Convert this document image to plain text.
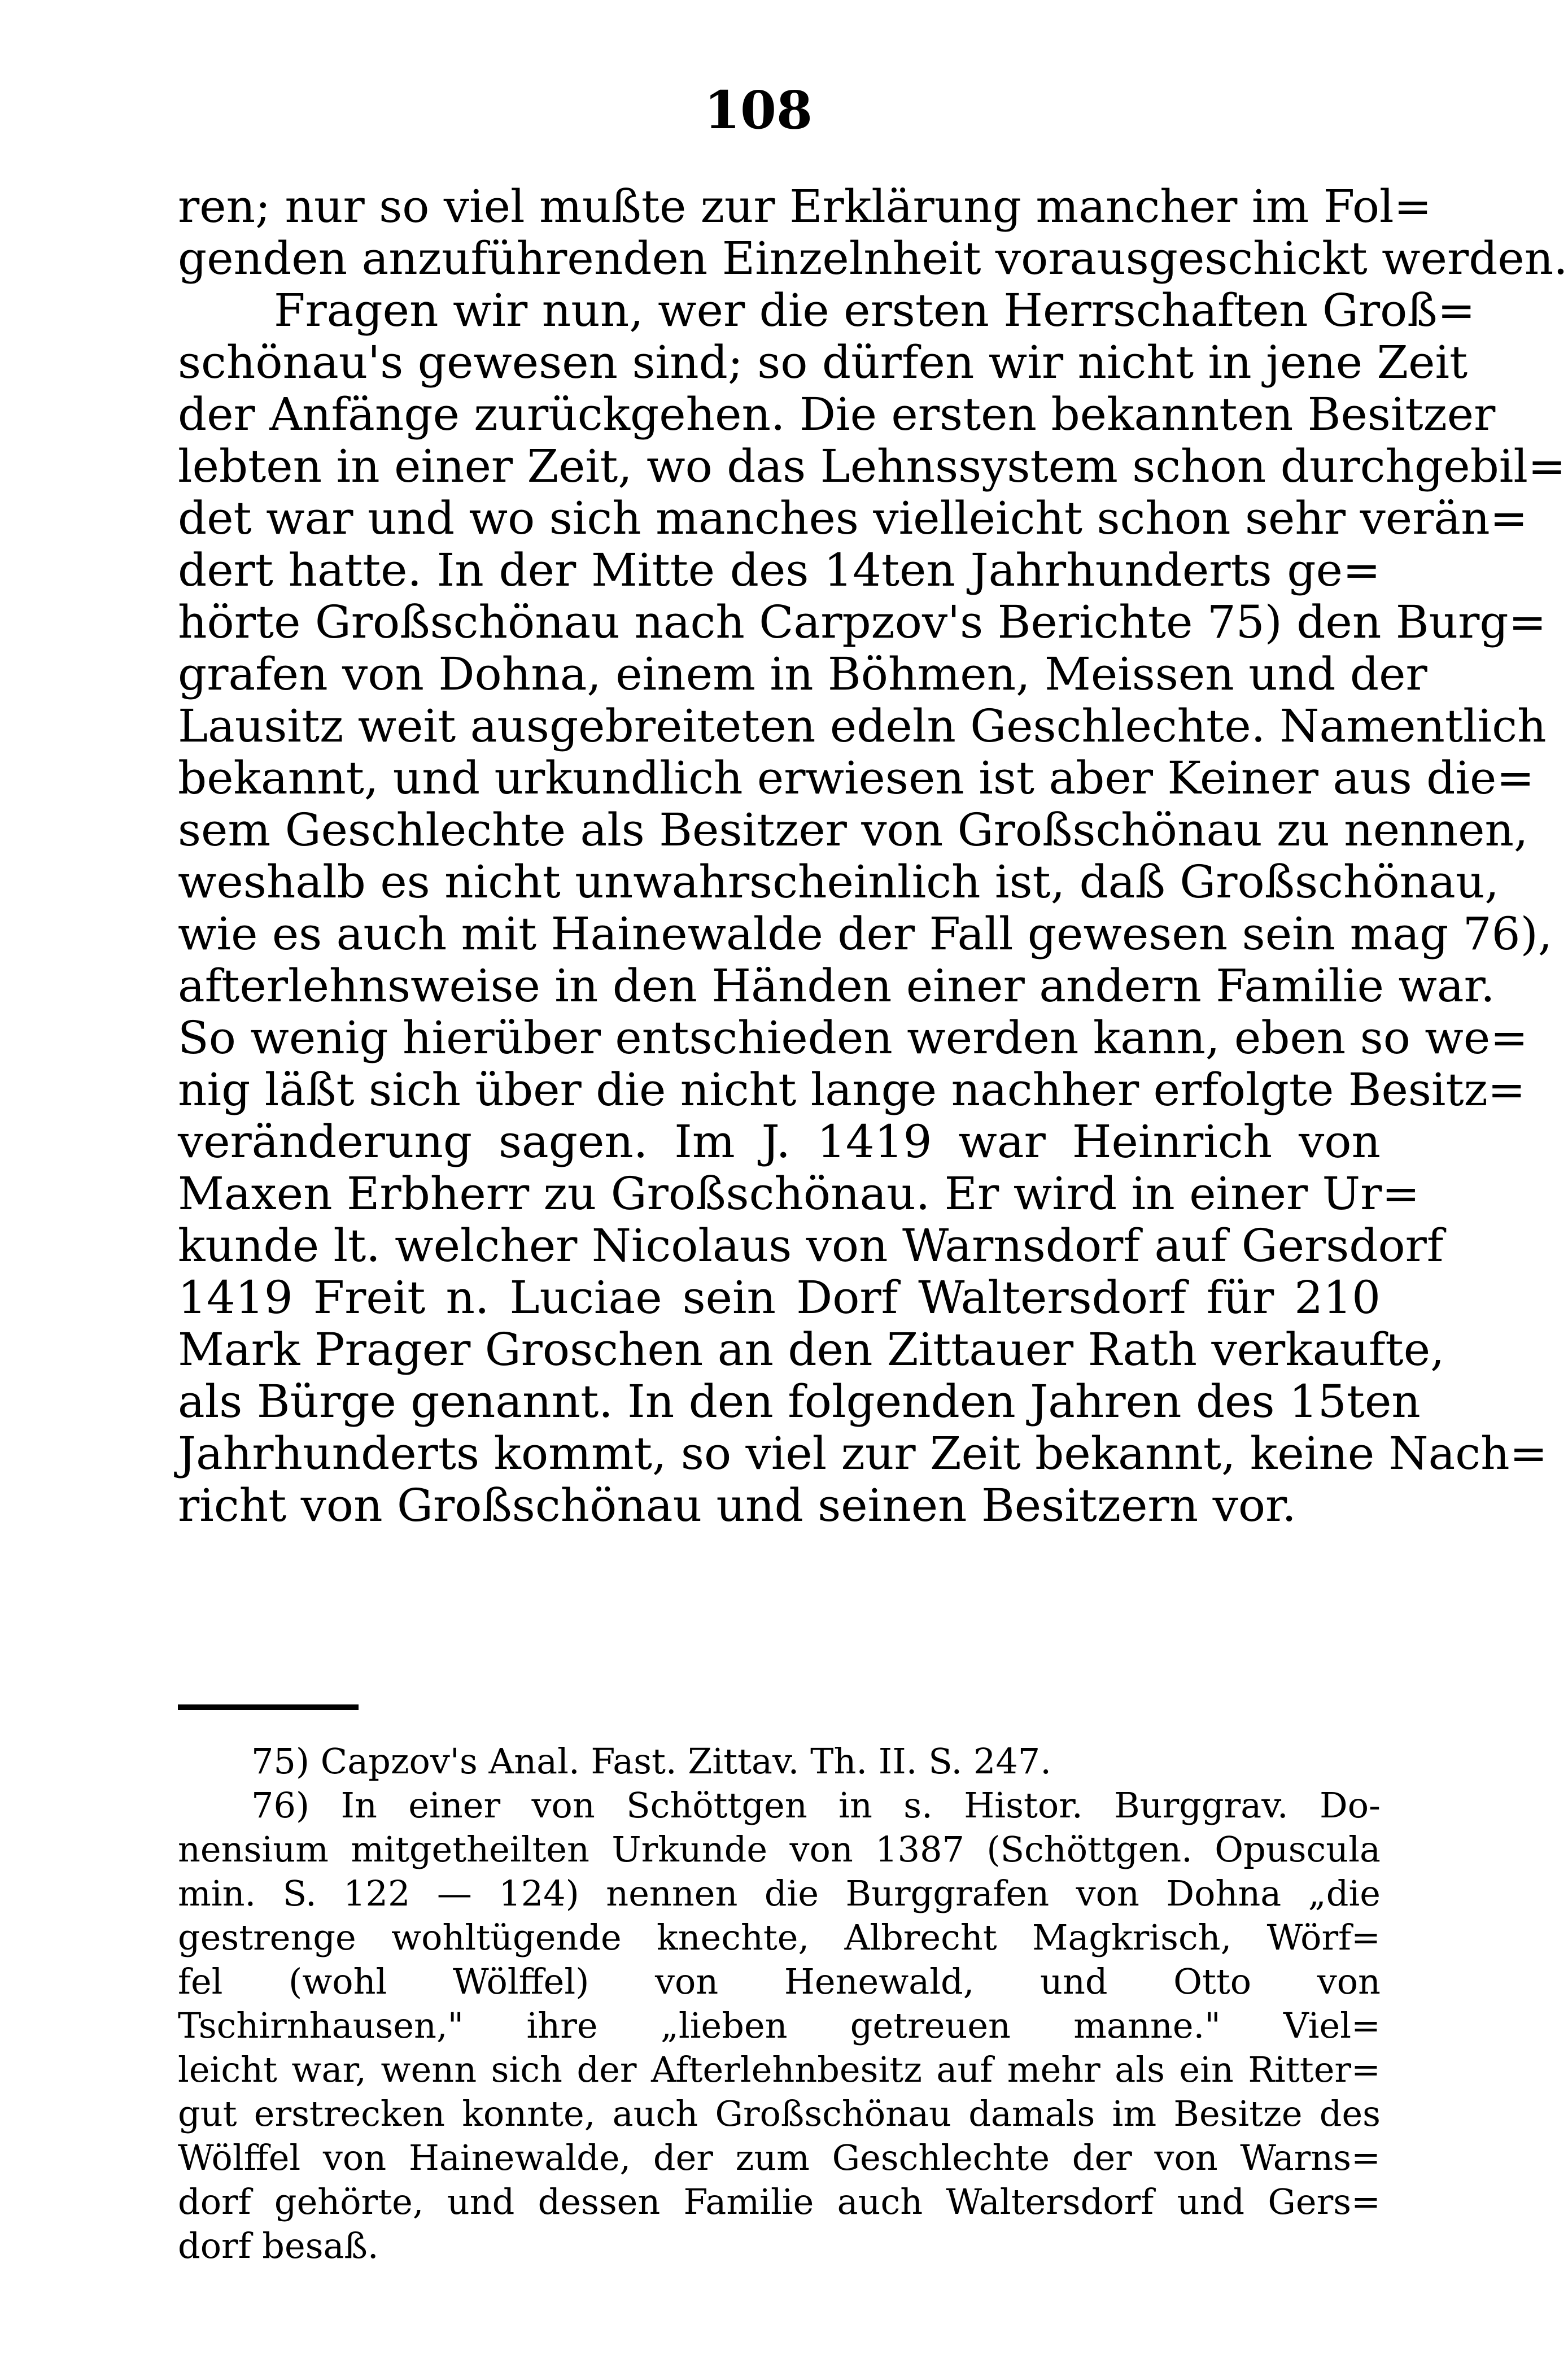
108
ren; nur so viel mußte zur Erklärung mancher im Fol=
genden anzuführenden Einzelnheit vorausgeschickt werden.
Fragen wir nun, wer die ersten Herrschaften Groß=
schönau's gewesen sind; so dürfen wir nicht in jene Zeit
der Anfänge zurückgehen. Die ersten bekannten Besitzer
lebten in einer Zeit, wo das Lehnssystem schon durchgebil=
det war und wo sich manches vielleicht schon sehr verän=
dert hatte. In der Mitte des 14ten Jahrhunderts ge=
hörte Großschönau nach Carpzov's Berichte 75) den Burg=
grafen von Dohna, einem in Böhmen, Meissen und der
Lausitz weit ausgebreiteten edeln Geschlechte. Namentlich
bekannt, und urkundlich erwiesen ist aber Keiner aus die=
sem Geschlechte als Besitzer von Großschönau zu nennen,
weshalb es nicht unwahrscheinlich ist, daß Großschönau,
wie es auch mit Hainewalde der Fall gewesen sein mag 76),
afterlehnsweise in den Händen einer andern Familie war.
So wenig hierüber entschieden werden kann, eben so we=
nig läßt sich über die nicht lange nachher erfolgte Besitz=
veränderung sagen. Im J. 1419 war Heinrich von
Maxen Erbherr zu Großschönau. Er wird in einer Ur=
kunde lt. welcher Nicolaus von Warnsdorf auf Gersdorf
1419 Freit n. Luciae sein Dorf Waltersdorf für 210
Mark Prager Groschen an den Zittauer Rath verkaufte,
als Bürge genannt. In den folgenden Jahren des 15ten
Jahrhunderts kommt, so viel zur Zeit bekannt, keine Nach=
richt von Großschönau und seinen Besitzern vor.
75) Capzov's Anal. Fast. Zittav. Th. II. S. 247.
76) In einer von Schöttgen in s. Histor. Burggrav. Do-
nensium mitgetheilten Urkunde von 1387 (Schöttgen. Opuscula
min. S. 122 — 124) nennen die Burggrafen von Dohna „die
gestrenge wohltügende knechte, Albrecht Magkrisch, Wörf=
fel (wohl Wölffel) von Henewald, und Otto von
Tschirnhausen," ihre „lieben getreuen manne." Viel=
leicht war, wenn sich der Afterlehnbesitz auf mehr als ein Ritter=
gut erstrecken konnte, auch Großschönau damals im Besitze des
Wölffel von Hainewalde, der zum Geschlechte der von Warns=
dorf gehörte, und dessen Familie auch Waltersdorf und Gers=
dorf besaß.
